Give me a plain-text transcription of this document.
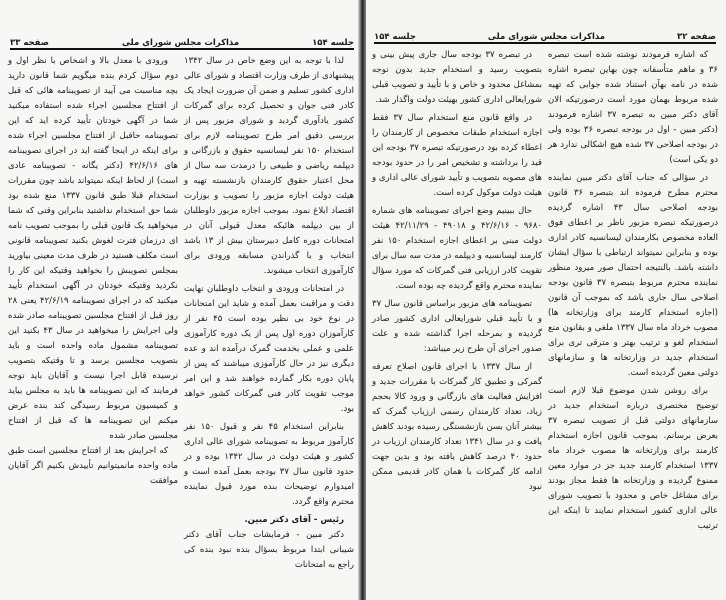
جلسه ۱۵۴
مذاکرات مجلس شورای ملی
صفحه ۳۳

لذا با توجه به این وضع خاص در سال ۱۳۴۲ پیشنهادی از طرف وزارت اقتصاد و شورای عالی اداری کشور تسلیم و ضمن آن ضرورت ایجاد یک کادر فنی جوان و تحصیل کرده برای گمرکات کشور یادآوری گردید و شورای مزبور پس از بررسی دقیق امر طرح تصویبنامه لازم برای استخدام ۱۵۰ نفر لیسانسیه حقوق و بازرگانی و دیپلمه ریاضی و طبیعی را درمدت سه سال از محل اعتبار حقوق کارمندان بازنشسته تهیه و هیئت دولت اجازه مزبور را تصویب و بوزارت اقتصاد ابلاغ نمود. بموجب اجازه مزبور داوطلبان از بین دیپلمه هائیکه معدل قبولی آنان در امتحانات دوره کامل دبیرستان بیش از ۱۳ باشد انتخاب و با گذراندن مسابقه ورودی برای کارآموزی انتخاب میشوند.

در امتحانات ورودی و انتخاب داوطلبان نهایت دقت و مراقبت بعمل آمده و شاید این امتحانات در نوع خود بی نظیر بوده است ۴۵ نفر از کارآموزان دوره اول پس از یک دوره کارآموزی علمی و عملی بخدمت گمرک درآمده اند و عده دیگری نیز در حال کارآموزی میباشند که پس از پایان دوره بکار گمارده خواهند شد و این امر موجب تقویت کادر فنی گمرکات کشور خواهد بود.

بنابراین استخدام ۴۵ نفر و قبول ۱۵۰ نفر کارآموز مربوط به تصویبنامه شورای عالی اداری کشور و هیئت دولت در سال ۱۳۴۲ بوده و در حدود قانون سال ۳۷ بودجه بعمل آمده است و امیدوارم توضیحات بنده مورد قبول نماینده محترم واقع گردد.

رئیس - آقای دکتر مبین.

دکتر مبین - فرمایشات جناب آقای دکتر شیبانی ابتدا مربوط بسؤال بنده نبود بنده کی راجع به امتحانات

ورودی با معدل بالا و اشخاص با نظر اول و دوم سؤال کردم بنده میگویم شما قانون دارید بچه مناسبت می آیید از تصویبنامه هائی که قبل از افتتاح مجلسین اجراء شده استفاده میکنید شما در آگهی خودتان تأیید کرده اید که این تصویبنامه حاقبل از افتتاح مجلسین اجراء شده برای اینکه در اینجا گفته اید در اجرای تصویبنامه های ۴۲/۶/۱۶ (دکتر یگانه - تصویبنامه عادی است) از لحاظ اینکه نمیتواند باشد چون مقررات استخدام قبلا طبق قانون ۱۳۳۷ منع شده بود شما حق استخدام نداشتید بنابراین وقتی که شما میخواهید یک قانون قبلی را بموجب تصویب نامه ای درزمان فترت لغوش بکنید تصویبنامه قانونی است مکلف هستید در ظرف مدت معینی بیاورید بمجلس تصویبش را بخواهید وقتیکه این کار را نکردید وقتیکه خودتان در آگهی استخدام تأیید میکنید که در اجرای تصویبنامه ۴۲/۶/۱۹ یعنی ۲۸ روز قبل از افتتاح مجلسین تصویبنامه صادر شده ولی اجرایش را میخواهید در سال ۴۳ بکنید این تصویبنامه مشمول ماده واحده است و باید بتصویب مجلسین برسد و تا وقتیکه بتصویب نرسیده قابل اجرا نیست و آقایان باید توجه فرمایند که این تصویبنامه ها باید به مجلس بیاید و کمیسیون مربوط رسیدگی کند بنده عرض میکنم این تصویبنامه ها که قبل از افتتاح مجلسین صادر شده

که اجرایش بعد از افتتاح مجلسین است طبق ماده واحده مانمیتوانیم تأییدش بکنیم اگر آقایان موافقت

صفحه ۳۲
مذاکرات مجلس شورای ملی
جلسه ۱۵۴

که اشاره فرمودند نوشته شده است تبصره ۳۶ و ماهم متأسفانه چون بهاین تبصره اشاره شده در نامه بهآن استناد شده جوابی که تهیه شده مربوط بهمان مورد است درصورتیکه الان آقای دکتر مبین به تبصره ۳۷ اشاره فرمودند (دکتر مبین - اول در بودجه تبصره ۳۶ بوده ولی در بودجه اصلاحی ۳۷ شده هیچ اشکالی ندارد هر دو یکی است)

در سؤالی که جناب آقای دکتر مبین نماینده محترم مطرح فرموده اند بتبصره ۳۶ قانون بودجه اصلاحی سال ۴۳ اشاره گردیده درصورتیکه تبصره مزبور ناظر بر اعطای فوق العاده مخصوص بکارمندان لیسانسیه کادر اداری بوده و بنابراین نمیتواند ارتباطی با سؤال ایشان داشته باشد. بالنتیجه احتمال صور میرود منظور نماینده محترم مربوط بتبصره ۳۷ قانون بودجه اصلاحی سال جاری باشد که بموجب آن قانون (اجازه استخدام کارمند برای وزارتخانه ها) مصوب خرداد ماه سال ۱۳۳۷ ملغی و بقانون منع استخدام لغو و ترتیب بهتر و مترقی تری برای استخدام جدید در وزارتخانه ها و سازمانهای دولتی معین گردیده است.

برای روشن شدن موضوع قبلا لازم است توضیح مختصری درباره استخدام جدید در سازمانهای دولتی قبل از تصویب تبصره ۳۷ بعرض برسانم. بموجب قانون اجازه استخدام کارمند برای وزارتخانه ها مصوب خرداد ماه ۱۳۳۷ استخدام کارمند جدید جز در موارد معین ممنوع گردیده و وزارتخانه ها فقط مجاز بودند برای مشاغل خاص و محدود با تصویب شورای عالی اداری کشور استخدام نمایند تا اینکه این ترتیب

در تبصره ۳۷ بودجه سال جاری پیش بینی و بتصویب رسید و استخدام جدید بدون توجه بمشاغل محدود و خاص و با تأیید و تصویب قبلی شورایعالی اداری کشور بهیئت دولت واگذار شد.

در واقع قانون منع استخدام سال ۳۷ فقط اجازه استخدام طبقات مخصوص از کارمندان را اعطاء کرده بود درصورتیکه تبصره ۳۷ بودجه این قید را برداشته و تشخیص امر را در حدود بودجه های مصوبه بتصویب و تأیید شورای عالی اداری و هیئت دولت موکول کرده است.

حال ببینیم وضع اجرای تصویبنامه های شماره ۹۶۸۰ - ۴۲/۶/۱۶ و ۴۹۰۱۸ - ۴۲/۱۱/۲۹ هیئت دولت مبنی بر اعطای اجازه استخدام ۱۵۰ نفر کارمند لیسانسیه و دیپلمه در مدت سه سال برای تقویت کادر ارزیابی فنی گمرکات که مورد سؤال نماینده محترم واقع گردیده چه بوده است.

تصویبنامه های مزبور براساس قانون سال ۳۷ و با تأیید قبلی شورایعالی اداری کشور صادر گردیده و بمرحله اجرا گذاشته شده و علت صدور اجرای آن طرح زیر میباشد:

از سال ۱۳۳۷ با اجرای قانون اصلاح تعرفه گمرکی و تطبیق کار گمرکات با مقررات جدید و افزایش فعالیت های بازرگانی و ورود کالا بحجم زیاد، تعداد کارمندان رسمی ارزیاب گمرک که بیشتر آنان بسن بازنشستگی رسیده بودند کاهش یافت و در سال ۱۳۴۱ تعداد کارمندان ارزیاب در حدود ۴۰ درصد کاهش یافته بود و بدین جهت ادامه کار گمرکات با همان کادر قدیمی ممکن نبود
